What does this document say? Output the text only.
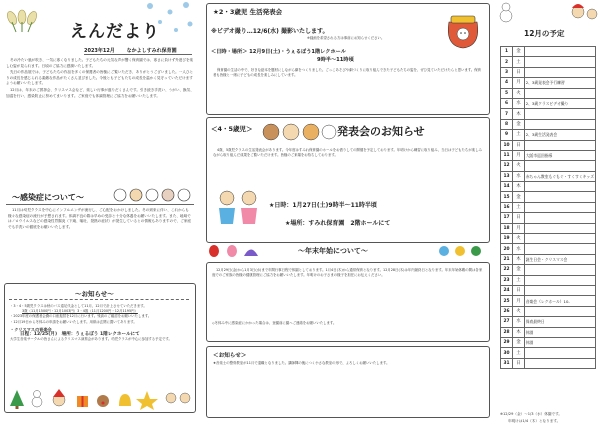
えんだより
2023年12月 なかよしすみれ保育園

冬の冷たい風が吹き、一気に寒くなりました。子どもたちの元気な声が響く保育園では、寒さに負けず外遊びを楽しむ姿が見られます。日頃のご協力に感謝いたします。

先日の作品展では、子どもたちの作品を多くの保護者の皆様にご覧いただき、ありがとうございました。一人ひとりの成長を感じられる素敵な作品がたくさん並びました。今後とも子どもたちの成長を温かく見守っていただけますようお願いいたします。

12月は、年末のご挨拶会、クリスマス会など、楽しい行事が盛りだくさんです。引き続き手洗い、うがい、換気、加湿を行い、感染防止に努めてまいります。ご家庭でも体調管理にご協力をお願いいたします。

〜感染症について〜

11月は幼児クラスを中心にインフルエンザが流行し、ご心配をおかけしました。冬の到来に伴い、これからも様々な感染症の流行が予想されます。体調不良の際は早めの受診と十分な休養をお願いいたします。また、地域ではノロウイルスなどの感染性胃腸炎（下痢、嘔吐、発熱の症状）が発生しているとの情報もありますので、ご家庭でも手洗いの徹底をお願いいたします。

〜お知らせ〜

・3・4・5歳児クラスは秋のバス遠足代金として11月、12月で計上させていただきます。

3歳（11月1500円・12月1003円）3・4歳（11月1200円・12月1195円）

・2023年度の保護者会費の口座振替を12月に行います。残高のご確認をお願いいたします。

・12月19日から冬休みの申請をお願いいたします。用紙は玄関に置いてあります。

・クリスマスの音楽会

日程：12/25(月)　場所：うぇるぼう 1階レクホールにて

大学生音楽サークルの皆さんによるクリスマス演奏会があります。幼児クラスが中心に参加する予定です。

★2・3歳児 生活発表会
※ビデオ撮り…12/6(水) 撮影いたします。
※録画を希望される方は事前にお知らせください。
＜日時・場所＞ 12月9日(土)・うぇるぼう1階レクホール
9時半〜11時頃

保育園の生活の中で、好きな絵本を題材にしながら劇をつくりました。ごっこあそびや劇づくりに取り組んできた子どもたちの姿を、ぜひ見ていただけたらと思います。保育者も皆様と一緒に子どもの成長を楽しみにしています。

＜4・5歳児＞	発表会のお知らせ

4歳、5歳児クラスの生活発表会があります。今年度はすみれ保育園のホールをお借りしての開催を予定しております。年明けから練習に取り組み、当日は子どもたちが楽しみながら取り組んだ成果をご覧いただけます。皆様のご来場をお待ちしております。

★日時：1月27日(土)9時半〜11時半頃
★場所：すみれ保育園　2階ホールにて
〜年末年始について〜

12月29日(金)から1月3日(水)まで年間行事日程で休園としております。1月4日(木)から通常保育となります。12月28日(木)は年内最終日となります。年末年始休暇の間は各家庭でのご家族の皆様の健康管理にご協力をお願いいたします。年明けのお子さまの様子を担任にお伝えください。

◇冬休み中に感染症にかかった場合は、登園前に園へご連絡をお願いいたします。

＜お知らせ＞

★音楽士の整骨教室が11月で退職となりました。講師陣の後につく小さな教室の形で、よろしくお願いいたします。

12月の予定
1	金	
2	土	
3	日	
4	月	2、3歳発表会予行練習
5	火	
6	水	2、3歳クラスビデオ撮り
7	木	
8	金	
9	土	2、3歳生活発表会
10	日	
11	月	大阪市巡回指導
12	火	
13	水	赤ちゃん教室もぐもぐ・すくすくキッズ
14	木	
15	金	
16	土	
17	日	
18	月	
19	火	
20	水	
21	木	誕生日会・クリスマス会
22	金	
23	土	
24	日	
25	月	音楽会（レクホール）10-
26	火	
27	水	保育最終日
28	木	休園
29	金	休園
30	土	
31	日	
※12/29（金）〜1/3（水）休園です。
年明けは1/4（木）となります。
